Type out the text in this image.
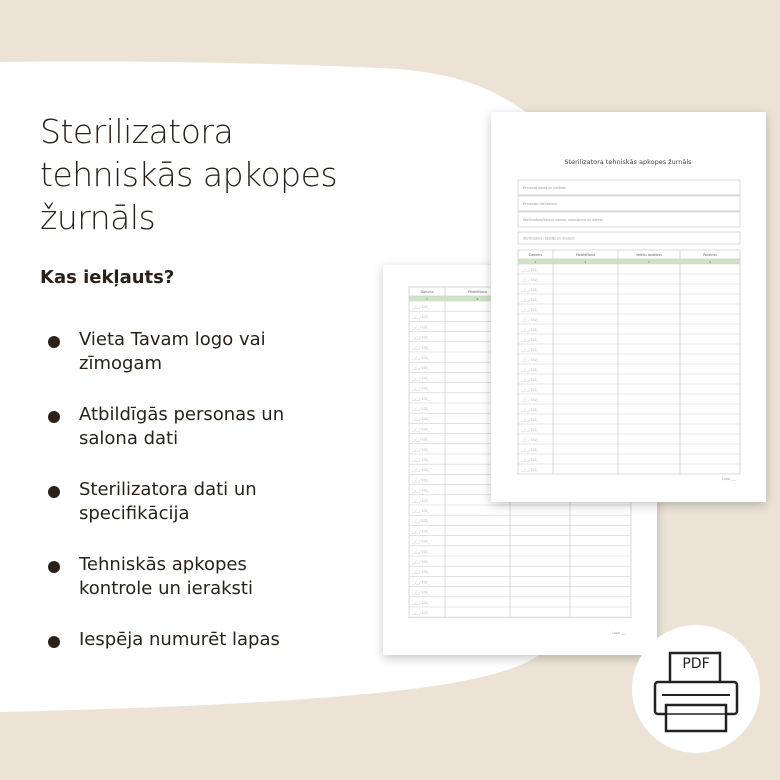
Sterilizatora
tehniskās apkopes
žurnāls
Kas iekļauts?
Vieta Tavam logo vai
zīmogam
Atbildīgās personas un
salona dati
Sterilizatora dati un
specifikācija
Tehniskās apkopes
kontrole un ieraksti
Iespēja numurēt lapas
Datums
1
Pārbīdīšana
2
__/__/ 202_
__/__/ 202_
__/__/ 202_
__/__/ 202_
__/__/ 202_
__/__/ 202_
__/__/ 202_
__/__/ 202_
__/__/ 202_
__/__/ 202_
__/__/ 202_
__/__/ 202_
__/__/ 202_
__/__/ 202_
__/__/ 202_
__/__/ 202_
__/__/ 202_
__/__/ 202_
__/__/ 202_
__/__/ 202_
__/__/ 202_
__/__/ 202_
__/__/ 202_
__/__/ 202_
__/__/ 202_
__/__/ 202_
__/__/ 202_
__/__/ 202_
__/__/ 202_
__/__/ 202_
__/__/ 202_
Lapa ___
Sterilizatora tehniskās apkopes žurnāls
Personas vārds un uzvārds
Personālu dati/salons
Sterilizatora/Salona adrese, nosaukums un adrese
Sterilizatora ražotājs un modelis
Datums
1
Pārbīdīšana
2
Veikšu darbības
3
Paraksts
4
__/__/ 202_
__/__/ 202_
__/__/ 202_
__/__/ 202_
__/__/ 202_
__/__/ 202_
__/__/ 202_
__/__/ 202_
__/__/ 202_
__/__/ 202_
__/__/ 202_
__/__/ 202_
__/__/ 202_
__/__/ 202_
__/__/ 202_
__/__/ 202_
__/__/ 202_
__/__/ 202_
__/__/ 202_
__/__/ 202_
__/__/ 202_
Lapa ___
PDF
